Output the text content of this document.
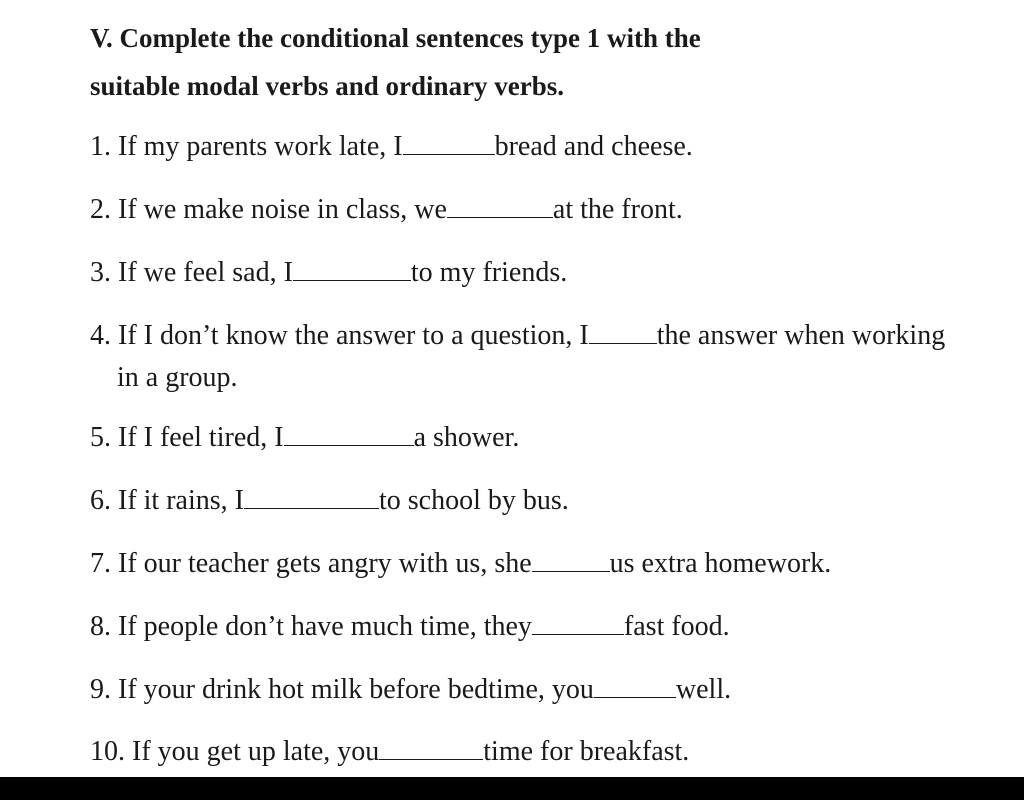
V. Complete the conditional sentences type 1 with the
suitable modal verbs and ordinary verbs.
1. If my parents work late, I	bread and cheese.
2. If we make noise in class, we	at the front.
3. If we feel sad, I	to my friends.
4. If I don’t know the answer to a question, I the answer when working
in a group.
5. If I feel tired, I	a shower.
6. If it rains, I	to school by bus.
7. If our teacher gets angry with us, she	us extra homework.
8. If people don’t have much time, they	fast food.
9. If your drink hot milk before bedtime, you	well.
10. If you get up late, you	time for breakfast.
